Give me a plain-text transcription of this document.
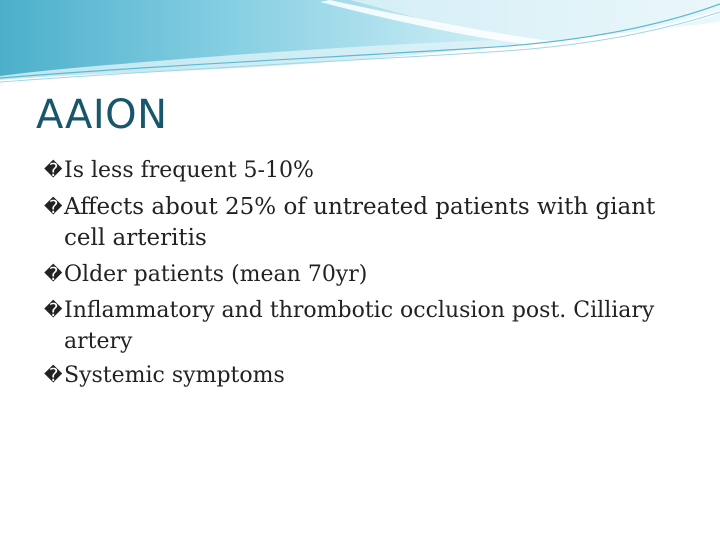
AAION
� Is less frequent 5-10%
� Affects about 25% of untreated patients with giant cell arteritis
� Older patients (mean 70yr)
� Inflammatory and thrombotic occlusion post. Cilliary artery
� Systemic symptoms
